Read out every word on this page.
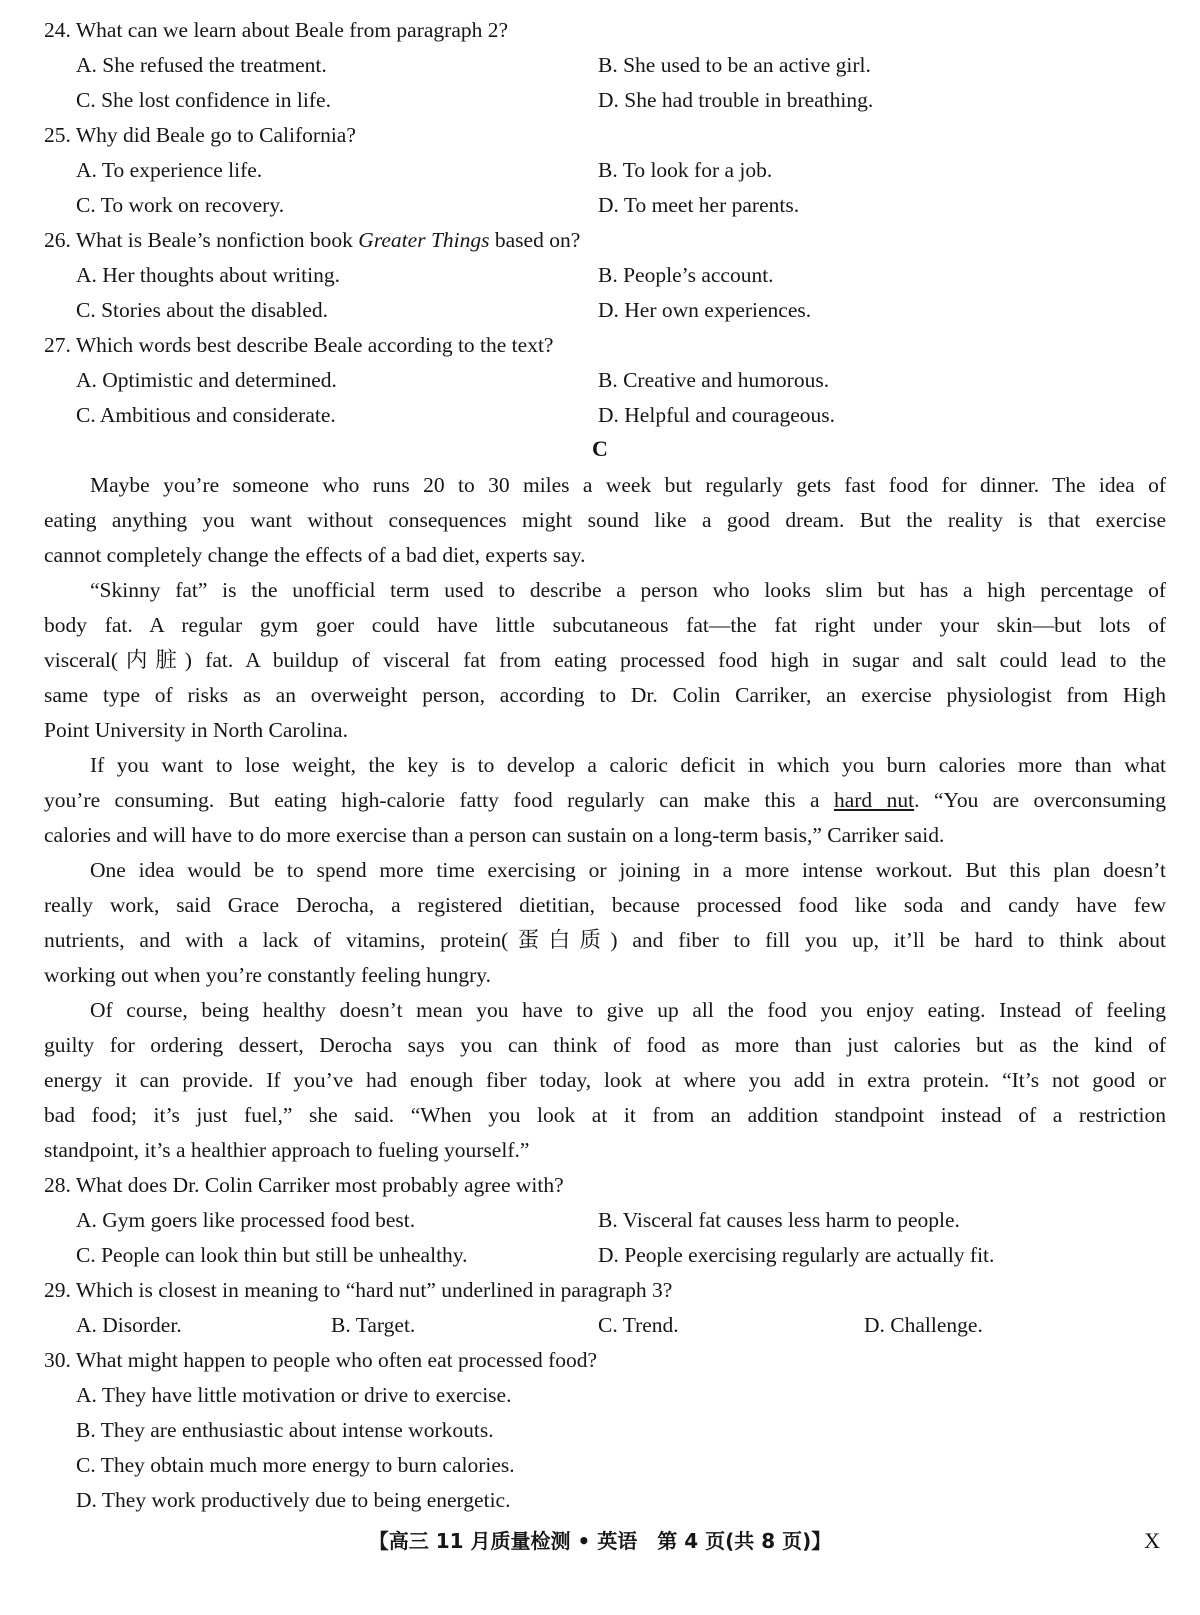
24. What can we learn about Beale from paragraph 2?
A. She refused the treatment.	B. She used to be an active girl.
C. She lost confidence in life.	D. She had trouble in breathing.
25. Why did Beale go to California?
A. To experience life.	B. To look for a job.
C. To work on recovery.	D. To meet her parents.
26. What is Beale’s nonfiction book Greater Things based on?
A. Her thoughts about writing.	B. People’s account.
C. Stories about the disabled.	D. Her own experiences.
27. Which words best describe Beale according to the text?
A. Optimistic and determined.	B. Creative and humorous.
C. Ambitious and considerate.	D. Helpful and courageous.
C
Maybe you’re someone who runs 20 to 30 miles a week but regularly gets fast food for dinner. The idea of
eating anything you want without consequences might sound like a good dream. But the reality is that exercise
cannot completely change the effects of a bad diet, experts say.
“Skinny fat” is the unofficial term used to describe a person who looks slim but has a high percentage of
body fat. A regular gym goer could have little subcutaneous fat—the fat right under your skin—but lots of
visceral(内脏) fat. A buildup of visceral fat from eating processed food high in sugar and salt could lead to the
same type of risks as an overweight person, according to Dr. Colin Carriker, an exercise physiologist from High
Point University in North Carolina.
If you want to lose weight, the key is to develop a caloric deficit in which you burn calories more than what
you’re consuming. But eating high-calorie fatty food regularly can make this a hard nut. “You are overconsuming
calories and will have to do more exercise than a person can sustain on a long-term basis,” Carriker said.
One idea would be to spend more time exercising or joining in a more intense workout. But this plan doesn’t
really work, said Grace Derocha, a registered dietitian, because processed food like soda and candy have few
nutrients, and with a lack of vitamins, protein(蛋白质) and fiber to fill you up, it’ll be hard to think about
working out when you’re constantly feeling hungry.
Of course, being healthy doesn’t mean you have to give up all the food you enjoy eating. Instead of feeling
guilty for ordering dessert, Derocha says you can think of food as more than just calories but as the kind of
energy it can provide. If you’ve had enough fiber today, look at where you add in extra protein. “It’s not good or
bad food; it’s just fuel,” she said. “When you look at it from an addition standpoint instead of a restriction
standpoint, it’s a healthier approach to fueling yourself.”
28. What does Dr. Colin Carriker most probably agree with?
A. Gym goers like processed food best.	B. Visceral fat causes less harm to people.
C. People can look thin but still be unhealthy.	D. People exercising regularly are actually fit.
29. Which is closest in meaning to “hard nut” underlined in paragraph 3?
A. Disorder.	B. Target.	C. Trend.	D. Challenge.
30. What might happen to people who often eat processed food?
A. They have little motivation or drive to exercise.
B. They are enthusiastic about intense workouts.
C. They obtain much more energy to burn calories.
D. They work productively due to being energetic.
【高三 11 月质量检测 • 英语　第 4 页(共 8 页)】	X
